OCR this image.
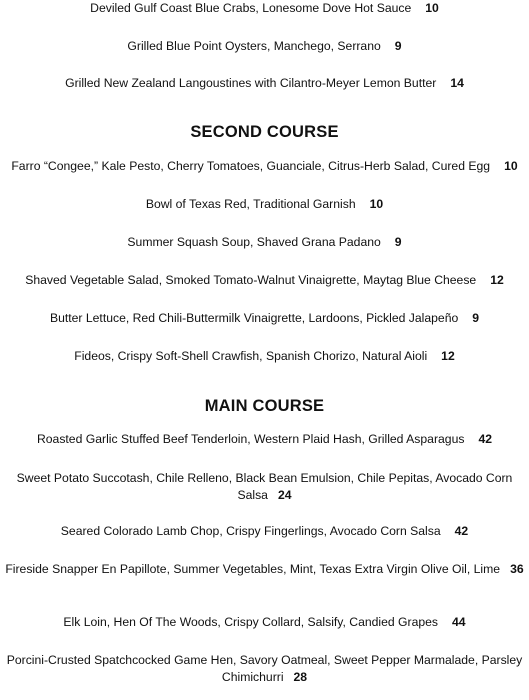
Deviled Gulf Coast Blue Crabs, Lonesome Dove Hot Sauce 10
Grilled Blue Point Oysters, Manchego, Serrano 9
Grilled New Zealand Langoustines with Cilantro-Meyer Lemon Butter 14
SECOND COURSE
Farro “Congee,” Kale Pesto, Cherry Tomatoes, Guanciale, Citrus-Herb Salad, Cured Egg 10
Bowl of Texas Red, Traditional Garnish 10
Summer Squash Soup, Shaved Grana Padano 9
Shaved Vegetable Salad, Smoked Tomato-Walnut Vinaigrette, Maytag Blue Cheese 12
Butter Lettuce, Red Chili-Buttermilk Vinaigrette, Lardoons, Pickled Jalapeño 9
Fideos, Crispy Soft-Shell Crawfish, Spanish Chorizo, Natural Aioli 12
MAIN COURSE
Roasted Garlic Stuffed Beef Tenderloin, Western Plaid Hash, Grilled Asparagus 42
Sweet Potato Succotash, Chile Relleno, Black Bean Emulsion, Chile Pepitas, Avocado Corn Salsa 24
Seared Colorado Lamb Chop, Crispy Fingerlings, Avocado Corn Salsa 42
Fireside Snapper En Papillote, Summer Vegetables, Mint, Texas Extra Virgin Olive Oil, Lime 36
Elk Loin, Hen Of The Woods, Crispy Collard, Salsify, Candied Grapes 44
Porcini-Crusted Spatchcocked Game Hen, Savory Oatmeal, Sweet Pepper Marmalade, Parsley Chimichurri 28
